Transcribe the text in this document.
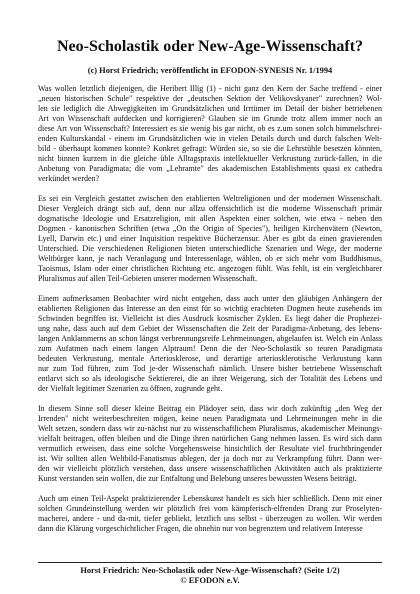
Neo-Scholastik oder New-Age-Wissenschaft?
(c) Horst Friedrich; veröffentlicht in EFODON-SYNESIS Nr. 1/1994
Was wollen letztlich diejenigen, die Heribert Illig (1) - nicht ganz den Kern der Sache treffend - einer
„neuen historischen Schule" respektive der „deutschen Sektion der Velikovskyaner" zurechnen? Wol-
len sie lediglich die Abwegigkeiten im Grundsätzlichen und Irrtümer im Detail der bisher betriebenen
Art von Wissenschaft aufdecken und korrigieren? Glauben sie im Grunde trotz allem immer noch an
diese Art von Wissenschaft? Interessiert es sie wenig bis gar nicht, ob es z.um sonen solch himmelschrei-
enden Kulturskandal - einem im Grundsätzlichen wie in vielen Details durch und durch falschen Welt-
bild - überhaupt kommen konnte? Konkret gefragt: Würden sie, so sie die Lehrstühle besetzen könnten,
nicht binnen kurzem in die gleiche üble Alltagspraxis intellektueller Verkrustung zurück-fallen, in die
Anbetung von Paradigmata; die vom „Lehramte" des akademischen Establishments quasi ex cathedra
verkündet werden?
Es sei ein Vergleich gestattet zwischen den etablierten Weltreligionen und der modernen Wissenschaft.
Dieser Vergleich drängt sich auf, denn nur allzu offensichtlich ist die moderne Wissenschaft primär
dogmatische Ideologie und Ersatzreligion, mit allen Aspekten einer solchen, wie etwa - neben den
Dogmen - kanonischen Schriften (etwa „On the Origin of Species"), heiligen Kirchenvätern (Newton,
Lyell, Darwin etc.) und einer Inquisition respektive Bücherzensur. Aber es gibt da einen gravierenden
Unterschied. Die verschiedenen Religionen bieten unterschiedliche Szenarien und Wege, der moderne
Weltbürger kann, je nach Veranlagung und Interessenlage, wählen, ob er sich mehr vom Buddhismus,
Taoismus, Islam oder einer christlichen Richtung etc. angezogen fühlt. Was fehlt, ist ein vergleichbarer
Pluralismus auf allen Teil-Gebieten unserer modernen Wissenschaft.
Einem aufmerksamen Beobachter wird nicht entgehen, dass auch unter den gläubigen Anhängern der
etablierten Religionen das Interesse an den einst für so wichtig erachteten Dogmen heute zusehends im
Schwinden begriffen ist. Vielleicht ist dies Ausdruck kosmischer Zyklen. Es liegt daher die Prophezei-
ung nahe, dass auch auf dem Gebiet der Wissenschaften die Zeit der Paradigma-Anbetung, des lebens-
langen Anklammerns an schon längst verbrennungsreife Lehrmeinungen, abgelaufen ist. Welch ein Anlass
zum Aufatmen nach einem langen Alptraum! Denn die der Neo-Scholastik so teuren Paradigmata
bedeuten Verkrustung, mentale Arteriosklerose, und derartige arteriosklerotische Verkrustung kann
nur zum Tod führen, zum Tod je-der Wissenschaft nämlich. Unsere bisher betriebene Wissenschaft
entlarvt sich so als ideologische Sektiererei, die an ihrer Weigerung, sich der Totalität des Lebens und
der Vielfalt legitimer Szenarien zu öffnen, zugrunde geht.
In diesem Sinne soll dieser kleine Beitrag ein Plädoyer sein, dass wir doch zukünftig „den Weg der
Irrenden" nicht weiterbeschreiten mögen, keine neuen Paradigmata und Lehrmeinungen mehr in die
Welt setzen, sondern dass wir zu-nächst nur zu wissenschaftlichem Pluralismus, akademischer Meinungs-
vielfalt beitragen, offen bleiben und die Dinge ihren natürlichen Gang nehmen lassen. Es wird sich dann
vermutlich erweisen, dass eine solche Vorgehensweise hinsichtlich der Resultate viel fruchtbringender
ist. Wir sollten allen Weltbild-Fanatismus ablegen, der ja doch nur zu Verkrampfung führt. Dann wer-
den wir vielleicht plötzlich verstehen, dass unsere wissenschaftlichen Aktivitäten auch als praktizierte
Kunst verstanden sein wollen, die zur Entfaltung und Belebung unseres bewussten Wesens beiträgt.
Auch um einen Teil-Aspekt praktizierender Lebenskunst handelt es sich hier schließlich. Denn mit einer
solchen Grundeinstellung werden wir plötzlich frei vom kämpferisch-elfrenden Drang zur Proselyten-
macherei, andere - und da-mit, tiefer gebliekt, letztlich uns selbst - überzeugen zu wollen. Wir werden
dann die Klärung vorgeschichtlicher Fragen, die ohnehin nur von begrenztem und relativem Interesse
Horst Friedrich: Neo-Scholastik oder New-Age-Wissenschaft? (Seite 1/2)
© EFODON e.V.
